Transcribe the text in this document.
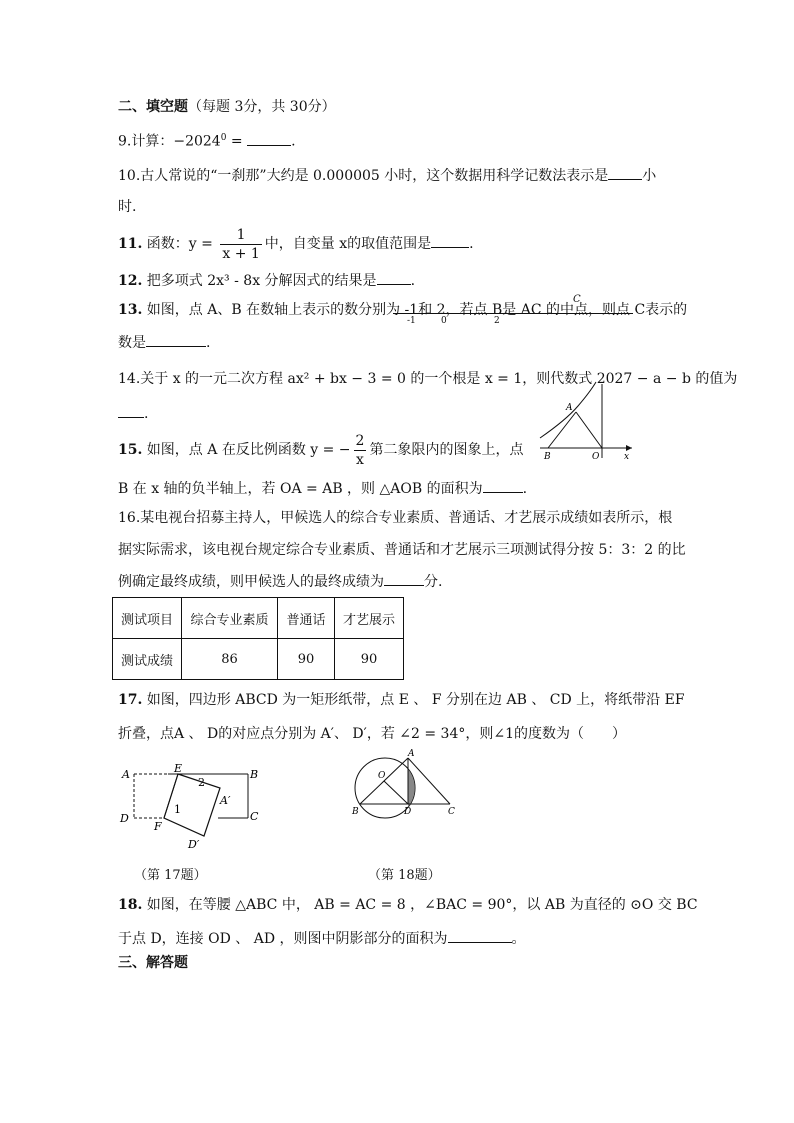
二、填空题（每题 3分，共 30分）
9.计算：$-2024^0$ =	.
10.古人常说的“一刹那”大约是 0.000005 小时，这个数据用科学记数法表示是 小
时.
11. 函数：$y = \frac{1}{x + 1}$ 中，自变量 x的取值范围是	.
12. 把多项式 2x³ - 8x 分解因式的结果是 .
13. 如图，点 A、B 在数轴上表示的数分别为 -1和 2，若点 B是 AC 的中点，则点 C表示的
C
-1	0	2
数是	.
14.关于 x 的一元二次方程 ax² + bx − 3 = 0 的一个根是 x = 1，则代数式 2027 − a − b 的值为
.	A
B	O	x
15. 如图，点 A 在反比例函数 y = − $\frac{2}{x}$ 第二象限内的图象上，点
B 在 x 轴的负半轴上，若 OA = AB ，则 △AOB 的面积为	.
16.某电视台招募主持人，甲候选人的综合专业素质、普通话、才艺展示成绩如表所示，根
据实际需求，该电视台规定综合专业素质、普通话和才艺展示三项测试得分按 5：3：2 的比
例确定最终成绩，则甲候选人的最终成绩为	分.
测试项目	综合专业素质	普通话	才艺展示
测试成绩	86	90	90
17. 如图，四边形 ABCD 为一矩形纸带，点 E 、 F 分别在边 AB 、 CD 上，将纸带沿 EF
折叠，点A 、 D的对应点分别为 A′、 D′，若 ∠2 = 34°，则∠1的度数为（　　）
A	E	B
C
D
F
A′
D′
1
2
A
O
B	D	C
（第 17题）	（第 18题）
18. 如图，在等腰 △ABC 中， AB = AC = 8 ，∠BAC = 90°，以 AB 为直径的 ⊙O 交 BC
于点 D，连接 OD 、 AD ，则图中阴影部分的面积为	。
三、解答题
